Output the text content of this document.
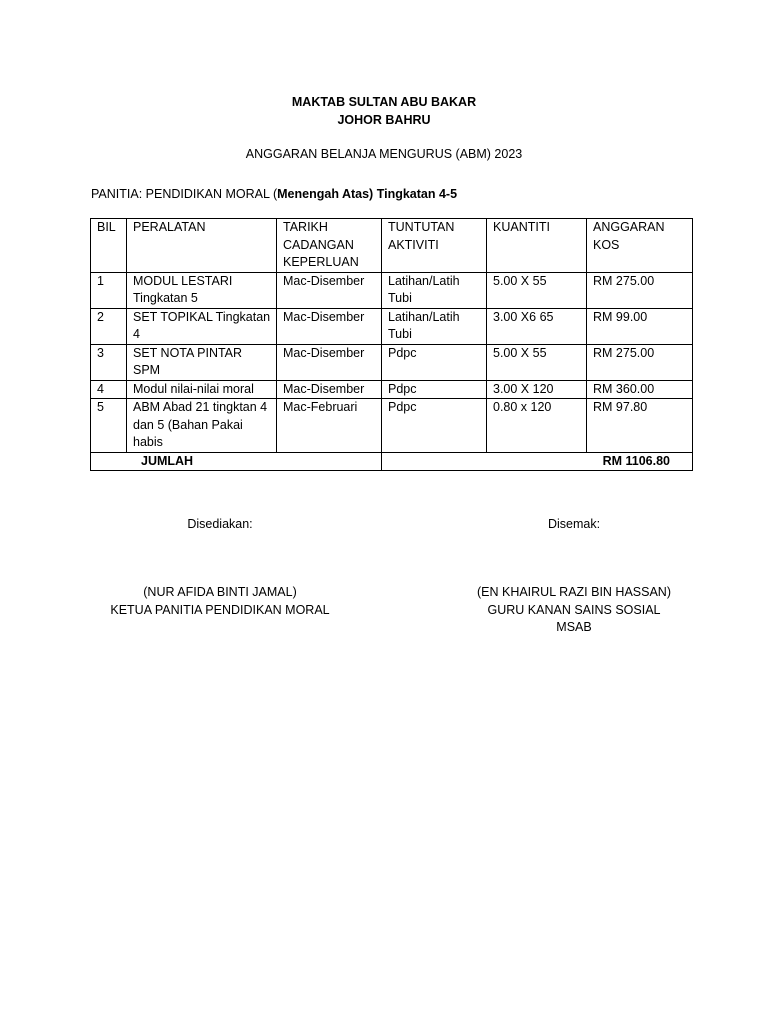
MAKTAB SULTAN ABU BAKAR
JOHOR BAHRU
ANGGARAN BELANJA MENGURUS (ABM) 2023
PANITIA: PENDIDIKAN MORAL (Menengah Atas) Tingkatan 4-5
BIL	PERALATAN	TARIKH CADANGAN KEPERLUAN	TUNTUTAN AKTIVITI	KUANTITI	ANGGARAN KOS
1	MODUL LESTARI Tingkatan 5	Mac-Disember	Latihan/Latih Tubi	5.00 X 55	RM 275.00
2	SET TOPIKAL Tingkatan 4	Mac-Disember	Latihan/Latih Tubi	3.00 X6 65	RM 99.00
3	SET NOTA PINTAR SPM	Mac-Disember	Pdpc	5.00 X 55	RM 275.00
4	Modul nilai-nilai moral	Mac-Disember	Pdpc	3.00 X 120	RM 360.00
5	ABM Abad 21 tingktan 4 dan 5 (Bahan Pakai habis	Mac-Februari	Pdpc	0.80 x 120	RM 97.80
JUMLAH			RM 1106.80		
Disediakan:	Disemak:
(NUR AFIDA BINTI JAMAL)
KETUA PANITIA PENDIDIKAN MORAL
(EN KHAIRUL RAZI BIN HASSAN)
GURU KANAN SAINS SOSIAL
MSAB
